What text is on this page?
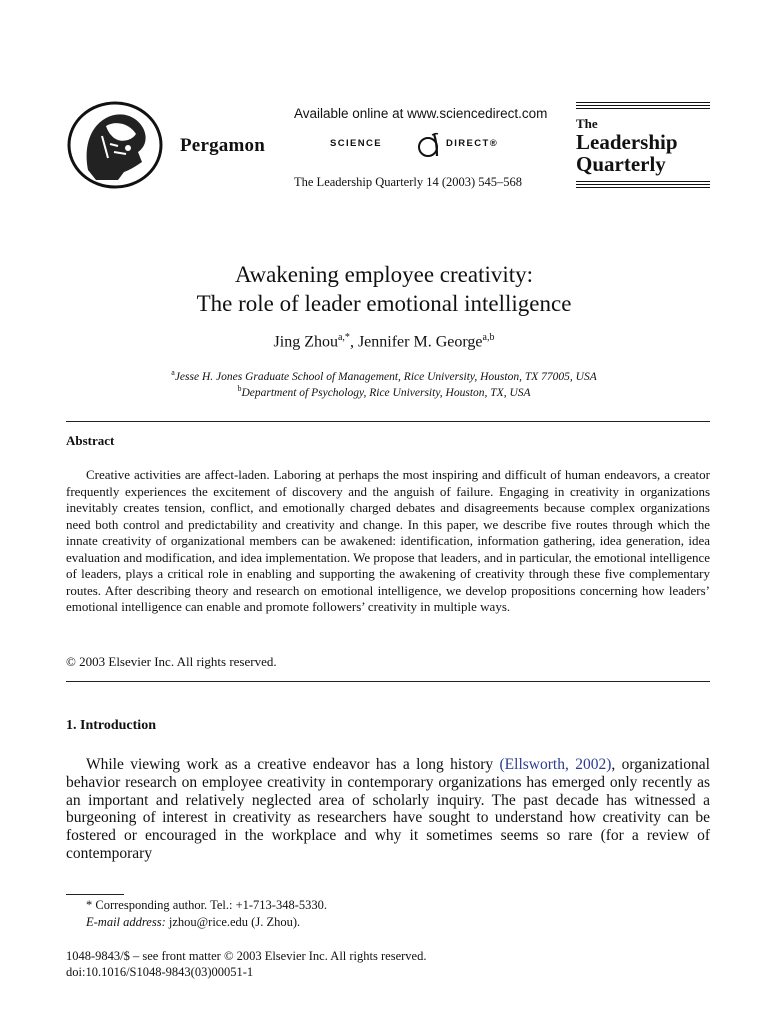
Pergamon
Available online at www.sciencedirect.com
SCIENCE	DIRECT®
The Leadership Quarterly 14 (2003) 545–568
The
Leadership
Quarterly
Awakening employee creativity:
The role of leader emotional intelligence
Jing Zhou$^{a,*}$, Jennifer M. George$^{a,b}$
$^a$Jesse H. Jones Graduate School of Management, Rice University, Houston, TX 77005, USA
$^b$Department of Psychology, Rice University, Houston, TX, USA
Abstract

Creative activities are affect-laden. Laboring at perhaps the most inspiring and difficult of human endeavors, a creator frequently experiences the excitement of discovery and the anguish of failure. Engaging in creativity in organizations inevitably creates tension, conflict, and emotionally charged debates and disagreements because complex organizations need both control and predictability and creativity and change. In this paper, we describe five routes through which the innate creativity of organizational members can be awakened: identification, information gathering, idea generation, idea evaluation and modification, and idea implementation. We propose that leaders, and in particular, the emotional intelligence of leaders, plays a critical role in enabling and supporting the awakening of creativity through these five complementary routes. After describing theory and research on emotional intelligence, we develop propositions concerning how leaders’ emotional intelligence can enable and promote followers’ creativity in multiple ways.

© 2003 Elsevier Inc. All rights reserved.
1. Introduction

While viewing work as a creative endeavor has a long history (Ellsworth, 2002), organizational behavior research on employee creativity in contemporary organizations has emerged only recently as an important and relatively neglected area of scholarly inquiry. The past decade has witnessed a burgeoning of interest in creativity as researchers have sought to understand how creativity can be fostered or encouraged in the workplace and why it sometimes seems so rare (for a review of contemporary

* Corresponding author. Tel.: +1-713-348-5330.
E-mail address: jzhou@rice.edu (J. Zhou).
1048-9843/$ – see front matter © 2003 Elsevier Inc. All rights reserved.
doi:10.1016/S1048-9843(03)00051-1
